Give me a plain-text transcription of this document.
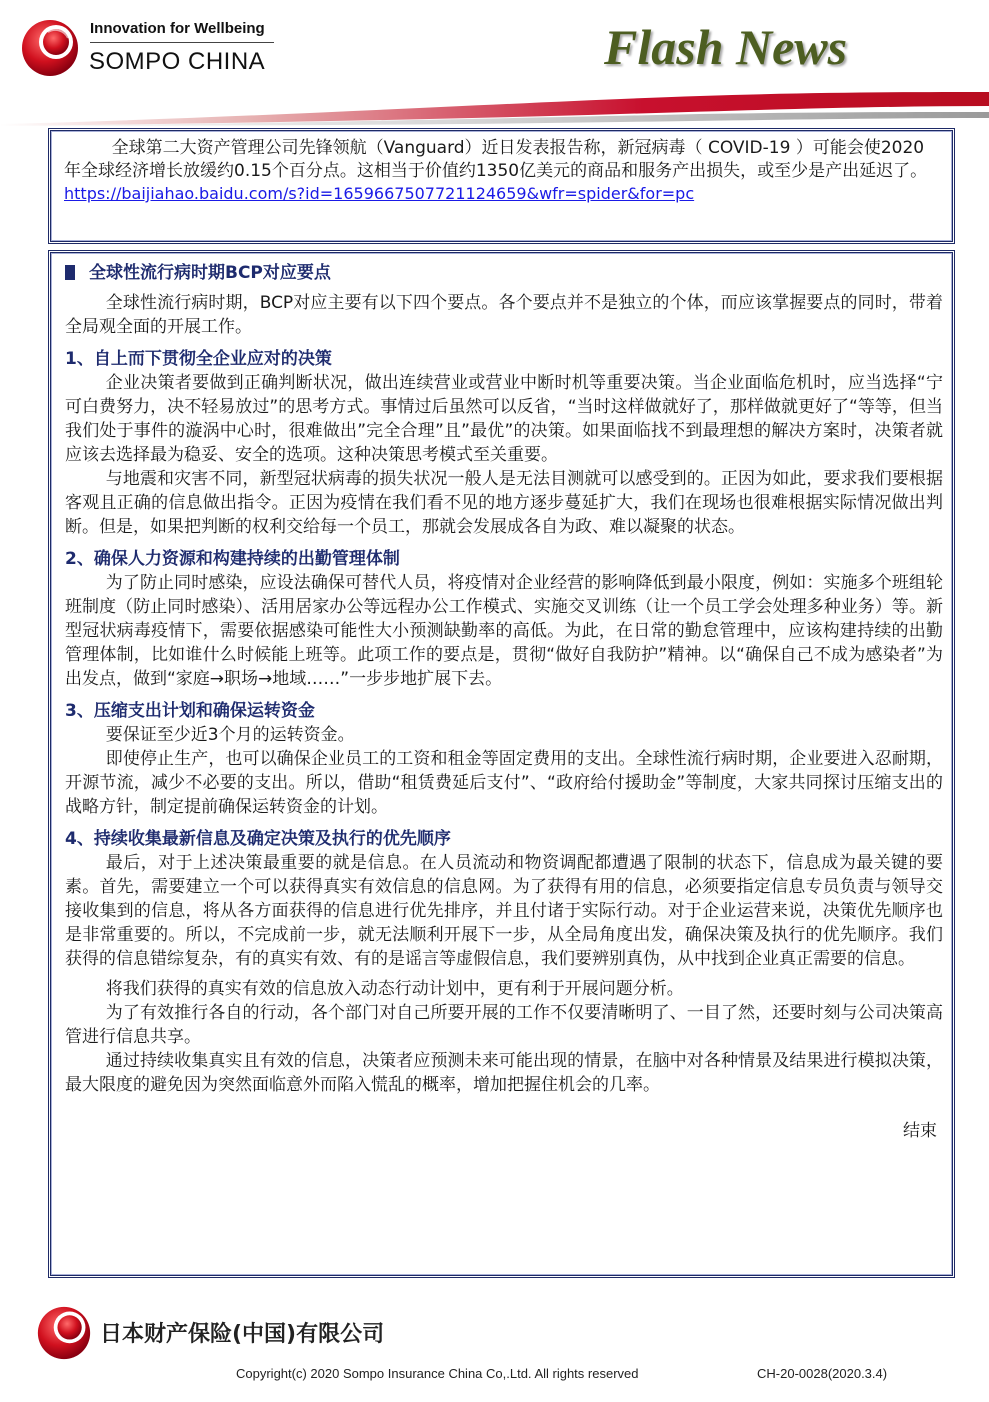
Innovation for Wellbeing
SOMPO CHINA	Flash News

全球第二大资产管理公司先锋领航（Vanguard）近日发表报告称，新冠病毒（ COVID-19 ）可能会使2020年全球经济增长放缓约0.15个百分点。这相当于价值约1350亿美元的商品和服务产出损失，或至少是产出延迟了。

https://baijiahao.baidu.com/s?id=1659667507721124659&wfr=spider&for=pc
全球性流行病时期BCP对应要点

全球性流行病时期，BCP对应主要有以下四个要点。各个要点并不是独立的个体，而应该掌握要点的同时，带着全局观全面的开展工作。

1、自上而下贯彻全企业应对的决策

企业决策者要做到正确判断状况，做出连续营业或营业中断时机等重要决策。当企业面临危机时，应当选择“宁可白费努力，决不轻易放过”的思考方式。事情过后虽然可以反省，“当时这样做就好了，那样做就更好了“等等，但当我们处于事件的漩涡中心时，很难做出”完全合理”且”最优”的决策。如果面临找不到最理想的解决方案时，决策者就应该去选择最为稳妥、安全的选项。这种决策思考模式至关重要。

与地震和灾害不同，新型冠状病毒的损失状况一般人是无法目测就可以感受到的。正因为如此，要求我们要根据客观且正确的信息做出指令。正因为疫情在我们看不见的地方逐步蔓延扩大，我们在现场也很难根据实际情况做出判断。但是，如果把判断的权利交给每一个员工，那就会发展成各自为政、难以凝聚的状态。

2、确保人力资源和构建持续的出勤管理体制

为了防止同时感染，应设法确保可替代人员，将疫情对企业经营的影响降低到最小限度，例如：实施多个班组轮班制度（防止同时感染）、活用居家办公等远程办公工作模式、实施交叉训练（让一个员工学会处理多种业务）等。新型冠状病毒疫情下，需要依据感染可能性大小预测缺勤率的高低。为此，在日常的勤怠管理中，应该构建持续的出勤管理体制，比如谁什么时候能上班等。此项工作的要点是，贯彻“做好自我防护”精神。以“确保自己不成为感染者”为出发点，做到“家庭→职场→地域……”一步步地扩展下去。

3、压缩支出计划和确保运转资金

要保证至少近3个月的运转资金。

即使停止生产，也可以确保企业员工的工资和租金等固定费用的支出。全球性流行病时期，企业要进入忍耐期，开源节流，减少不必要的支出。所以，借助“租赁费延后支付”、“政府给付援助金”等制度，大家共同探讨压缩支出的战略方针，制定提前确保运转资金的计划。

4、持续收集最新信息及确定决策及执行的优先顺序

最后，对于上述决策最重要的就是信息。在人员流动和物资调配都遭遇了限制的状态下，信息成为最关键的要素。首先，需要建立一个可以获得真实有效信息的信息网。为了获得有用的信息，必须要指定信息专员负责与领导交接收集到的信息，将从各方面获得的信息进行优先排序，并且付诸于实际行动。对于企业运营来说，决策优先顺序也是非常重要的。所以，不完成前一步，就无法顺利开展下一步，从全局角度出发，确保决策及执行的优先顺序。我们获得的信息错综复杂，有的真实有效、有的是谣言等虚假信息，我们要辨别真伪，从中找到企业真正需要的信息。

将我们获得的真实有效的信息放入动态行动计划中，更有利于开展问题分析。

为了有效推行各自的行动，各个部门对自己所要开展的工作不仅要清晰明了、一目了然，还要时刻与公司决策高管进行信息共享。

通过持续收集真实且有效的信息，决策者应预测未来可能出现的情景，在脑中对各种情景及结果进行模拟决策，最大限度的避免因为突然面临意外而陷入慌乱的概率，增加把握住机会的几率。

结束
日本财产保险(中国)有限公司
Copyright(c) 2020 Sompo Insurance China Co,.Ltd. All rights reserved	CH-20-0028(2020.3.4)
